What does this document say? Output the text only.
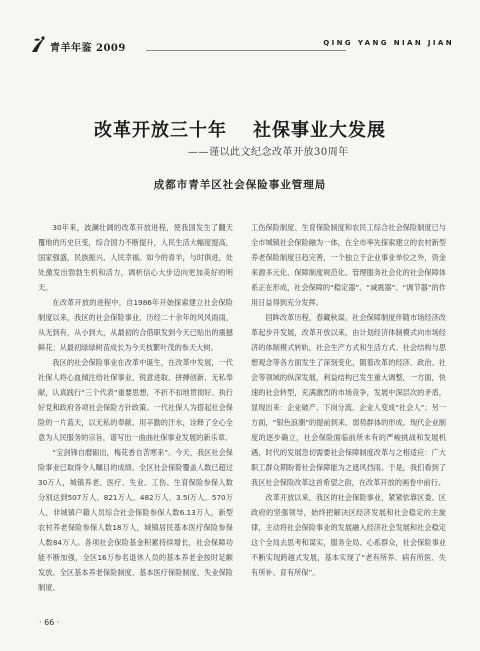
青羊年鉴 2009	QING YANG NIAN JIAN
改革开放三十年 社保事业大发展
——谨以此文纪念改革开放30周年
成都市青羊区社会保险事业管理局

30年来，波澜壮阔的改革开放进程，使我国发生了翻天覆地的历史巨变，综合国力不断提升，人民生活大幅度提高，国家强盛，民族振兴、人民幸福。如今的青羊，与时俱进，处处激发出勃勃生机和活力，调析信心大步迈向更加美好的明天。

在改革开放的进程中，自1986年开始探索建立社会保险制度以来，我区的社会保险事业，历经二十余年的风风雨雨，从无到有，从小到大，从最初的合借职发到今天已贴出的震撼鲜花；从最初绿绿树苗成长为今天枝繁叶茂的参天大树。

我区的社会保险事业在改革中诞生，在改革中发展，一代社保人将心血倾注给社保事业，锐意进取、拼搏创新、无私奉献，认真践行“三个代表”重要思想，不折不扣地贯彻好、执行好党和政府各项社会保险方针政策。一代社保人为搭起社会保险的一片蓝天，以无私的奉献、用辛勤的汗水，诠释了全心全意为人民服务的宗旨，谱写出一曲曲社保事业发展的新乐章。

“宝剑锋自磨砺出，梅花香自苦寒来”。今天，我区社会保险事业已取得令人瞩目的成绩。全区社会保险覆盖人数已超过30万人，城镇养老、医疗、失业、工伤、生育保险参保人数分别达到507万人、821万人、482万人、3.5l万人、570万人，非城镇户籍人员综合社会保险参保人数6.13万人，新型农村养老保险参保人数18万人，城镇居民基本医疗保险参保人数84万人。各项社会保险基金积累持续增长，社会保障功能不断加强，全区16万参名退休人员的基本养老金按时足额发放。全区基本养老保险制度、基本医疗保险制度、失业保险制度、

工伤保险制度、生育保险制度和农民工综合社会保险制度已与全市城镇社会保险融为一体，在全市率先探索建立的农村新型养老保险制度日趋完善，一个独立于企业事业单位之外，资金来源多元化、保障制度规范化、管理服务社会化的社会保障体系正在形成，社会保障的“稳定器”、“减震器”、“调节器”的作用日益得到充分发挥。

回眸改革历程，春藏秋谋。社会保障制度伴随市场经济改革起步开发展，改革开放以来，由计划经济体制模式向市场经济的体制模式转轨，社会生产方式和生活方式、社会结构与思想观念等各方面发生了深刻变化，随着改革的经济、政治、社会等领域的纵深发展，利益结构已发生重大调整，一方面，快速的社会转型，充满激烈的市场竞争，发展中深层次的矛盾，显现出来：企业破产、下岗分流、企业人变成“社会人”；另一方面，“银色浪潮”的提前到来、弱势群体的形成、现代企业制度的逐步确立，社会保险面临前所未有的严峻挑战和发展机遇，时代的发展急切需要社会保障制度改革与之相适应：广大职工群众期盼着社会保障能为之遮风挡雨。于是，我们看到了我区社会保险改革这首希望之韵，在改革开放的画卷中前行。

改革开放以来，我区的社会保险事业，紧紧依靠区委、区政府的坚强领导，始终把解决区经济发展和社会稳定的主旋律，主动将社会保险事业的发展融入经济社会发展和社会稳定这个全局去思考和谋实，服务全局、心系群众，社会保险事业不断实现跨越式发展，基本实现了“老有所养、病有所医、失有所补、育有所保”。

· 66 ·
